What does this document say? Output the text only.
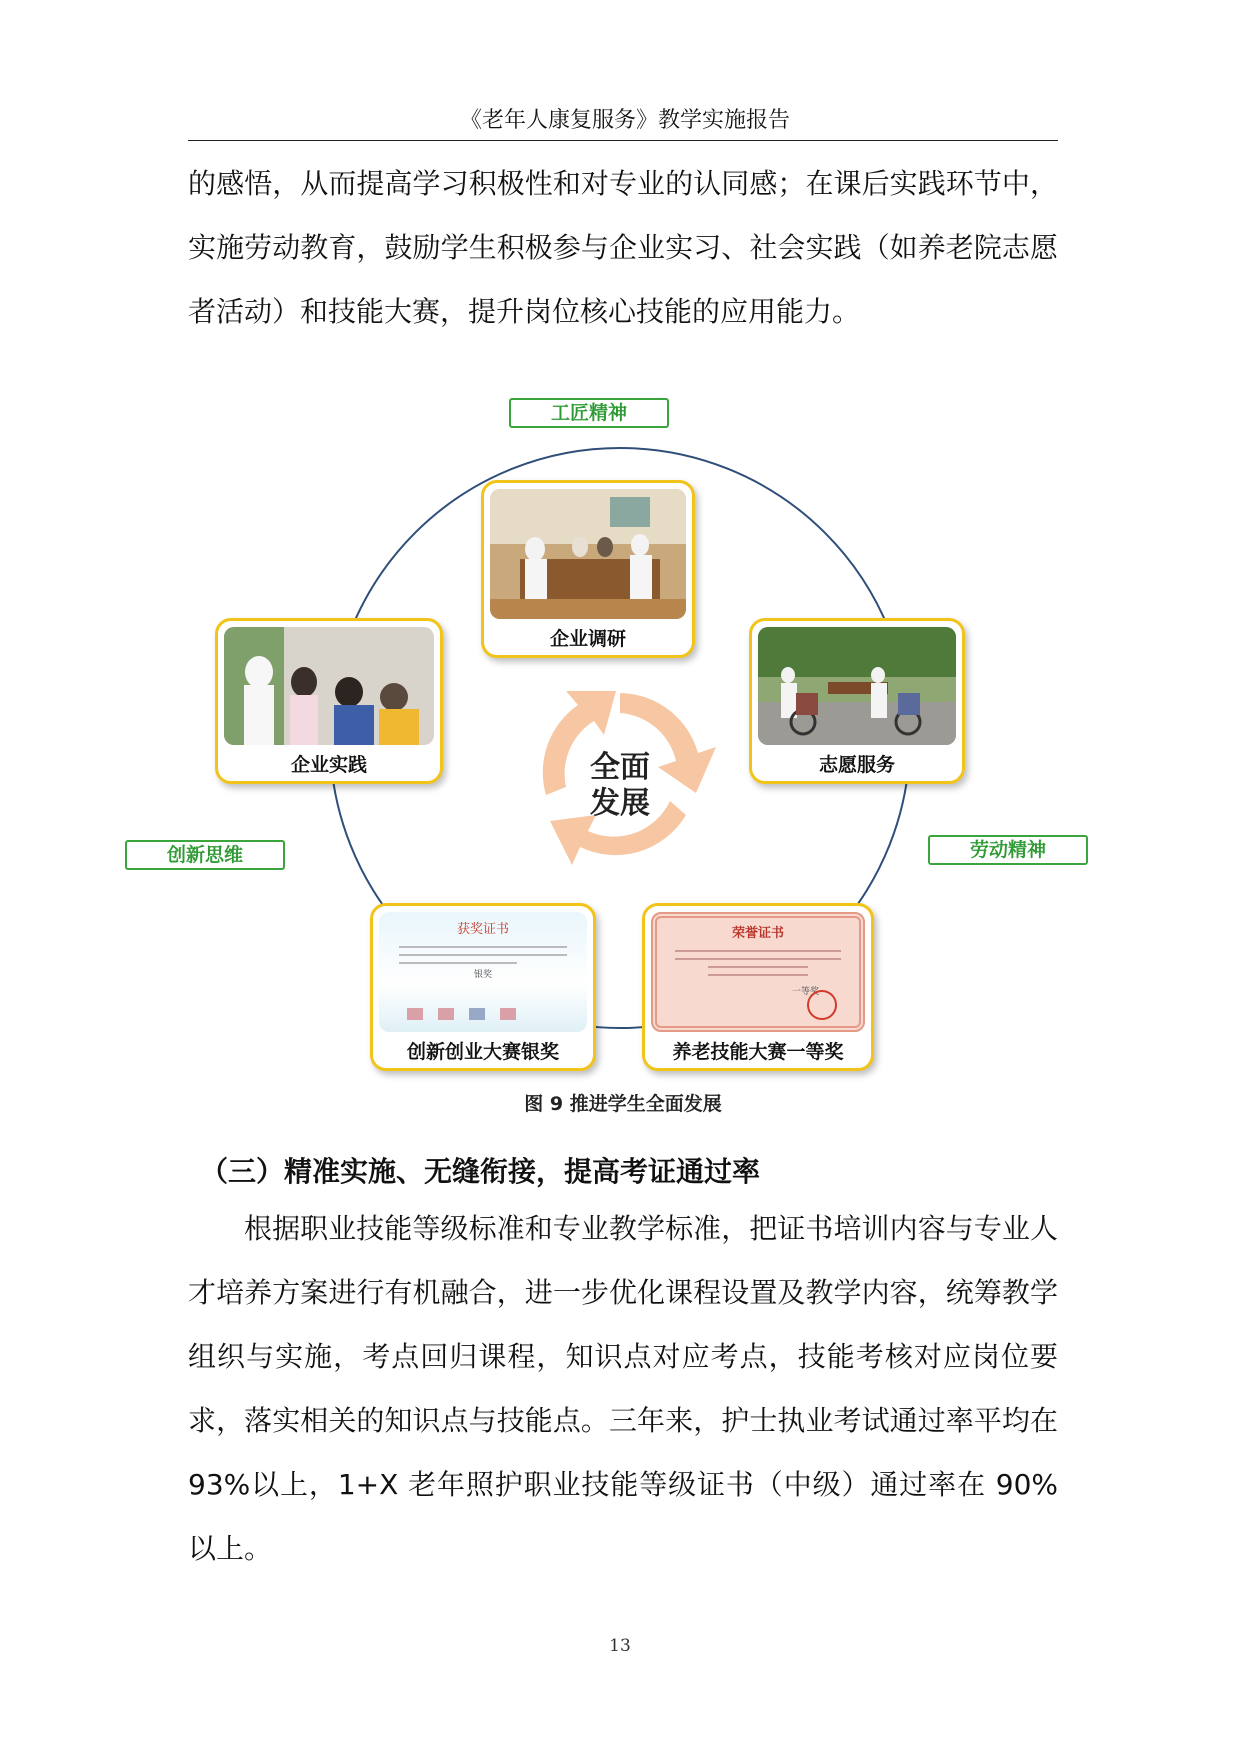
《老年人康复服务》教学实施报告

的感悟，从而提高学习积极性和对专业的认同感；在课后实践环节中，实施劳动教育，鼓励学生积极参与企业实习、社会实践（如养老院志愿者活动）和技能大赛，提升岗位核心技能的应用能力。

全面
发展
工匠精神
创新思维	劳动精神
企业调研
企业实践	志愿服务
获奖证书
银奖

创新创业大赛银奖
荣誉证书
一等奖
养老技能大赛一等奖
图 9 推进学生全面发展
（三）精准实施、无缝衔接，提高考证通过率

根据职业技能等级标准和专业教学标准，把证书培训内容与专业人才培养方案进行有机融合，进一步优化课程设置及教学内容，统筹教学组织与实施，考点回归课程，知识点对应考点，技能考核对应岗位要求，落实相关的知识点与技能点。三年来，护士执业考试通过率平均在 93%以上，1+X 老年照护职业技能等级证书（中级）通过率在 90%以上。

13
